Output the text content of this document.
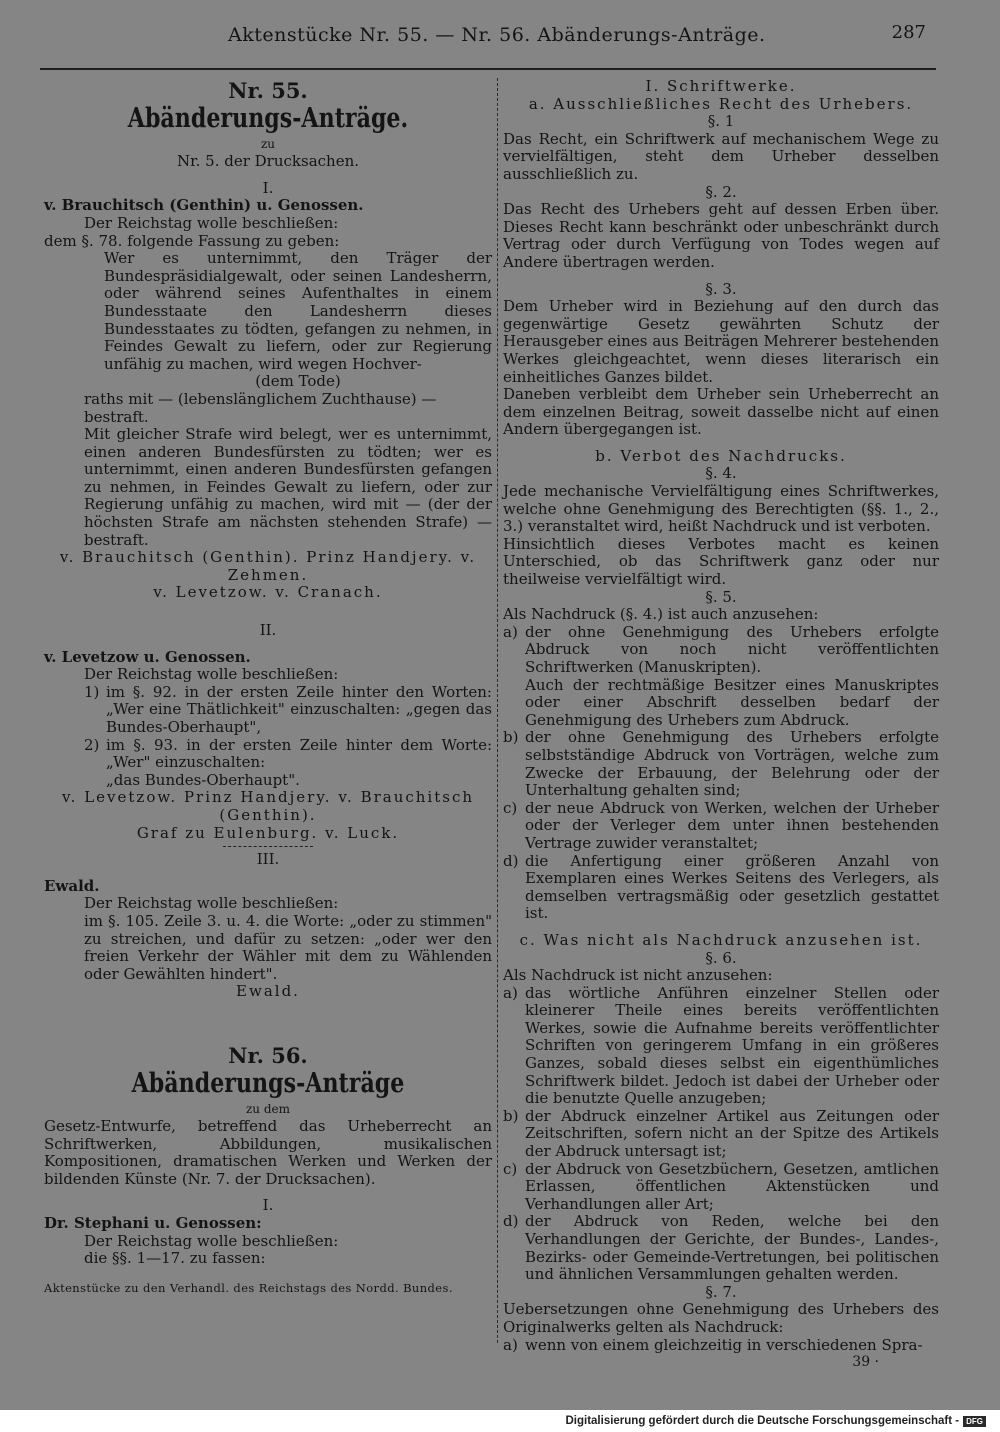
Aktenstücke Nr. 55. — Nr. 56. Abänderungs-Anträge.	287
Nr. 55.
Abänderungs-Anträge.
zu
Nr. 5. der Drucksachen.
I.
v. Brauchitsch (Genthin) u. Genossen.
Der Reichstag wolle beschließen:
dem §. 78. folgende Fassung zu geben:
Wer es unternimmt, den Träger der Bundespräsidialgewalt, oder seinen Landesherrn, oder während seines Aufenthaltes in einem Bundesstaate den Landesherrn dieses Bundesstaates zu tödten, gefangen zu nehmen, in Feindes Gewalt zu liefern, oder zur Regierung unfähig zu machen, wird wegen Hochver-
(dem Tode)
raths mit — (lebenslänglichem Zuchthause) — bestraft.
Mit gleicher Strafe wird belegt, wer es unternimmt, einen anderen Bundesfürsten zu tödten; wer es unternimmt, einen anderen Bundesfürsten gefangen zu nehmen, in Feindes Gewalt zu liefern, oder zur Regierung unfähig zu machen, wird mit — (der der höchsten Strafe am nächsten stehenden Strafe) — bestraft.
v. Brauchitsch (Genthin). Prinz Handjery. v. Zehmen.
v. Levetzow. v. Cranach.
II.
v. Levetzow u. Genossen.
Der Reichstag wolle beschließen:
1) im §. 92. in der ersten Zeile hinter den Worten: „Wer eine Thätlichkeit" einzuschalten: „gegen das Bundes-Oberhaupt",
2) im §. 93. in der ersten Zeile hinter dem Worte: „Wer" einzuschalten:
„das Bundes-Oberhaupt".
v. Levetzow. Prinz Handjery. v. Brauchitsch (Genthin).
Graf zu Eulenburg. v. Luck.
III.
Ewald.
Der Reichstag wolle beschließen:
im §. 105. Zeile 3. u. 4. die Worte: „oder zu stimmen" zu streichen, und dafür zu setzen: „oder wer den freien Verkehr der Wähler mit dem zu Wählenden oder Gewählten hindert".
Ewald.
Nr. 56.
Abänderungs-Anträge
zu dem
Gesetz-Entwurfe, betreffend das Urheberrecht an Schriftwerken, Abbildungen, musikalischen Kompositionen, dramatischen Werken und Werken der bildenden Künste (Nr. 7. der Drucksachen).
I.
Dr. Stephani u. Genossen:
Der Reichstag wolle beschließen:
die §§. 1—17. zu fassen:
Aktenstücke zu den Verhandl. des Reichstags des Nordd. Bundes.
I. Schriftwerke.
a. Ausschließliches Recht des Urhebers.
§. 1
Das Recht, ein Schriftwerk auf mechanischem Wege zu vervielfältigen, steht dem Urheber desselben ausschließlich zu.
§. 2.
Das Recht des Urhebers geht auf dessen Erben über. Dieses Recht kann beschränkt oder unbeschränkt durch Vertrag oder durch Verfügung von Todes wegen auf Andere übertragen werden.
§. 3.
Dem Urheber wird in Beziehung auf den durch das gegenwärtige Gesetz gewährten Schutz der Herausgeber eines aus Beiträgen Mehrerer bestehenden Werkes gleichgeachtet, wenn dieses literarisch ein einheitliches Ganzes bildet.
Daneben verbleibt dem Urheber sein Urheberrecht an dem einzelnen Beitrag, soweit dasselbe nicht auf einen Andern übergegangen ist.
b. Verbot des Nachdrucks.
§. 4.
Jede mechanische Vervielfältigung eines Schriftwerkes, welche ohne Genehmigung des Berechtigten (§§. 1., 2., 3.) veranstaltet wird, heißt Nachdruck und ist verboten.
Hinsichtlich dieses Verbotes macht es keinen Unterschied, ob das Schriftwerk ganz oder nur theilweise vervielfältigt wird.
§. 5.
Als Nachdruck (§. 4.) ist auch anzusehen:
a) der ohne Genehmigung des Urhebers erfolgte Abdruck von noch nicht veröffentlichten Schriftwerken (Manuskripten).
Auch der rechtmäßige Besitzer eines Manuskriptes oder einer Abschrift desselben bedarf der Genehmigung des Urhebers zum Abdruck.
b) der ohne Genehmigung des Urhebers erfolgte selbstständige Abdruck von Vorträgen, welche zum Zwecke der Erbauung, der Belehrung oder der Unterhaltung gehalten sind;
c) der neue Abdruck von Werken, welchen der Urheber oder der Verleger dem unter ihnen bestehenden Vertrage zuwider veranstaltet;
d) die Anfertigung einer größeren Anzahl von Exemplaren eines Werkes Seitens des Verlegers, als demselben vertragsmäßig oder gesetzlich gestattet ist.
c. Was nicht als Nachdruck anzusehen ist.
§. 6.
Als Nachdruck ist nicht anzusehen:
a) das wörtliche Anführen einzelner Stellen oder kleinerer Theile eines bereits veröffentlichten Werkes, sowie die Aufnahme bereits veröffentlichter Schriften von geringerem Umfang in ein größeres Ganzes, sobald dieses selbst ein eigenthümliches Schriftwerk bildet. Jedoch ist dabei der Urheber oder die benutzte Quelle anzugeben;
b) der Abdruck einzelner Artikel aus Zeitungen oder Zeitschriften, sofern nicht an der Spitze des Artikels der Abdruck untersagt ist;
c) der Abdruck von Gesetzbüchern, Gesetzen, amtlichen Erlassen, öffentlichen Aktenstücken und Verhandlungen aller Art;
d) der Abdruck von Reden, welche bei den Verhandlungen der Gerichte, der Bundes-, Landes-, Bezirks- oder Gemeinde-Vertretungen, bei politischen und ähnlichen Versammlungen gehalten werden.
§. 7.
Uebersetzungen ohne Genehmigung des Urhebers des Originalwerks gelten als Nachdruck:
a) wenn von einem gleichzeitig in verschiedenen Spra-
39 ·
Digitalisierung gefördert durch die Deutsche Forschungsgemeinschaft - DFG
